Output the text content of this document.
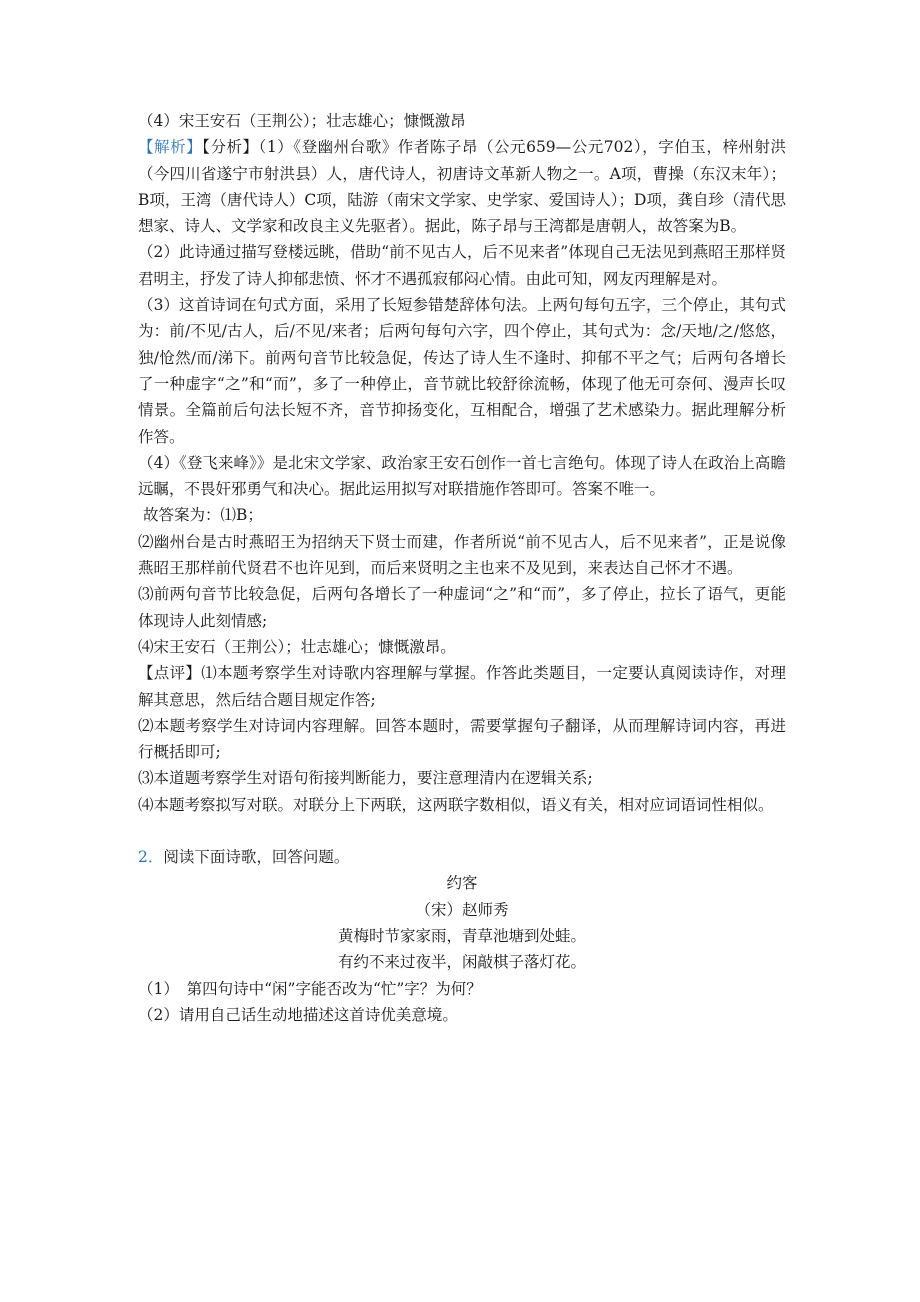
（4）宋王安石（王荆公）；壮志雄心；慷慨激昂

【解析】【分析】（1）《登幽州台歌》作者陈子昂（公元659—公元702），字伯玉，梓州射洪（今四川省遂宁市射洪县）人，唐代诗人，初唐诗文革新人物之一。A项，曹操（东汉末年）；B项，王湾（唐代诗人）C项，陆游（南宋文学家、史学家、爱国诗人）；D项，龚自珍（清代思想家、诗人、文学家和改良主义先驱者）。据此，陈子昂与王湾都是唐朝人，故答案为B。

（2）此诗通过描写登楼远眺，借助“前不见古人，后不见来者”体现自己无法见到燕昭王那样贤君明主，抒发了诗人抑郁悲愤、怀才不遇孤寂郁闷心情。由此可知，网友丙理解是对。

（3）这首诗词在句式方面，采用了长短参错楚辞体句法。上两句每句五字，三个停止，其句式为：前/不见/古人，后/不见/来者；后两句每句六字，四个停止，其句式为：念/天地/之/悠悠，独/怆然/而/涕下。前两句音节比较急促，传达了诗人生不逢时、抑郁不平之气；后两句各增长了一种虚字“之”和“而”，多了一种停止，音节就比较舒徐流畅，体现了他无可奈何、漫声长叹情景。全篇前后句法长短不齐，音节抑扬变化，互相配合，增强了艺术感染力。据此理解分析作答。

（4）《登飞来峰》》是北宋文学家、政治家王安石创作一首七言绝句。体现了诗人在政治上高瞻远瞩，不畏奸邪勇气和决心。据此运用拟写对联措施作答即可。答案不唯一。

故答案为：⑴B；

⑵幽州台是古时燕昭王为招纳天下贤士而建，作者所说“前不见古人，后不见来者”，正是说像燕昭王那样前代贤君不也许见到，而后来贤明之主也来不及见到，来表达自己怀才不遇。

⑶前两句音节比较急促，后两句各增长了一种虚词“之”和“而”，多了停止，拉长了语气，更能体现诗人此刻情感;

⑷宋王安石（王荆公）；壮志雄心；慷慨激昂。

【点评】⑴本题考察学生对诗歌内容理解与掌握。作答此类题目，一定要认真阅读诗作，对理解其意思，然后结合题目规定作答;

⑵本题考察学生对诗词内容理解。回答本题时，需要掌握句子翻译，从而理解诗词内容，再进行概括即可;

⑶本道题考察学生对语句衔接判断能力，要注意理清内在逻辑关系;

⑷本题考察拟写对联。对联分上下两联，这两联字数相似，语义有关，相对应词语词性相似。

2．阅读下面诗歌，回答问题。

约客

（宋）赵师秀

黄梅时节家家雨，青草池塘到处蛙。

有约不来过夜半，闲敲棋子落灯花。

（1）　第四句诗中“闲”字能否改为“忙”字？为何？

（2）请用自己话生动地描述这首诗优美意境。
